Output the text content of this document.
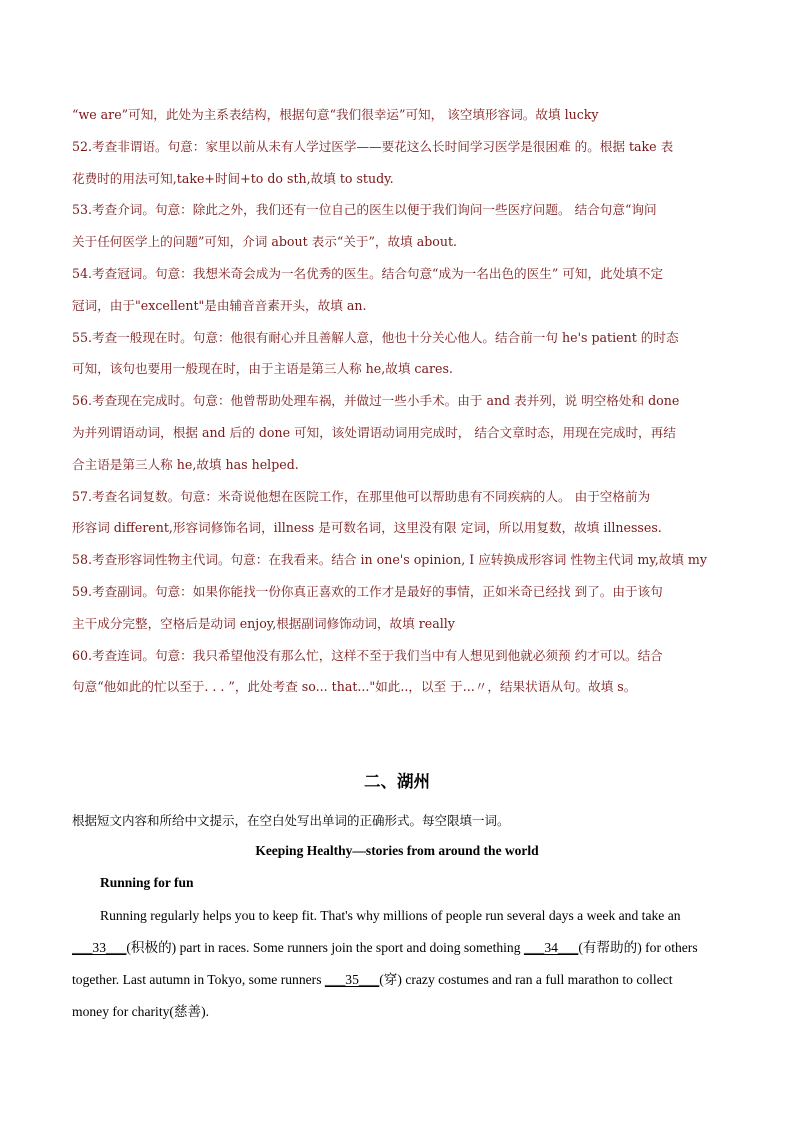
“we are”可知，此处为主系表结构，根据句意“我们很幸运”可知， 该空填形容词。故填 lucky
52.考查非谓语。句意：家里以前从未有人学过医学——要花这么长时间学习医学是很困难 的。根据 take 表
花费时的用法可知,take+时间+to do sth,故填 to study.
53.考查介词。句意：除此之外，我们还有一位自己的医生以便于我们询问一些医疗问题。 结合句意“询问
关于任何医学上的问题”可知，介词 about 表示“关于”，故填 about.
54.考查冠词。句意：我想米奇会成为一名优秀的医生。结合句意“成为一名出色的医生” 可知，此处填不定
冠词，由于"excellent"是由辅音音素开头，故填 an.
55.考查一般现在时。句意：他很有耐心并且善解人意，他也十分关心他人。结合前一句 he's patient 的时态
可知，该句也要用一般现在时，由于主语是第三人称 he,故填 cares.
56.考查现在完成时。句意：他曾帮助处理车祸，并做过一些小手术。由于 and 表并列，说 明空格处和 done
为并列谓语动词，根据 and 后的 done 可知，该处谓语动词用完成时， 结合文章时态，用现在完成时，再结
合主语是第三人称 he,故填 has helped.
57.考查名词复数。句意：米奇说他想在医院工作，在那里他可以帮助患有不同疾病的人。 由于空格前为
形容词 different,形容词修饰名词，illness 是可数名词，这里没有限 定词，所以用复数，故填 illnesses.
58.考查形容词性物主代词。句意：在我看来。结合 in one's opinion, I 应转换成形容词 性物主代词 my,故填 my
59.考查副词。句意：如果你能找一份你真正喜欢的工作才是最好的事情，正如米奇已经找 到了。由于该句
主干成分完整，空格后是动词 enjoy,根据副词修饰动词，故填 really
60.考查连词。句意：我只希望他没有那么忙，这样不至于我们当中有人想见到他就必须预 约才可以。结合
句意“他如此的忙以至于. . . ”，此处考查 so... that..."如此..，以至 于...〃，结果状语从句。故填 s。
二、湖州
根据短文内容和所给中文提示，在空白处写出单词的正确形式。每空限填一词。
Keeping Healthy—stories from around the world
Running for fun
Running regularly helps you to keep fit. That's why millions of people run several days a week and take an
___33___(积极的) part in races. Some runners join the sport and doing something ___34___(有帮助的) for others
together. Last autumn in Tokyo, some runners ___35___(穿) crazy costumes and ran a full marathon to collect
money for charity(慈善).
